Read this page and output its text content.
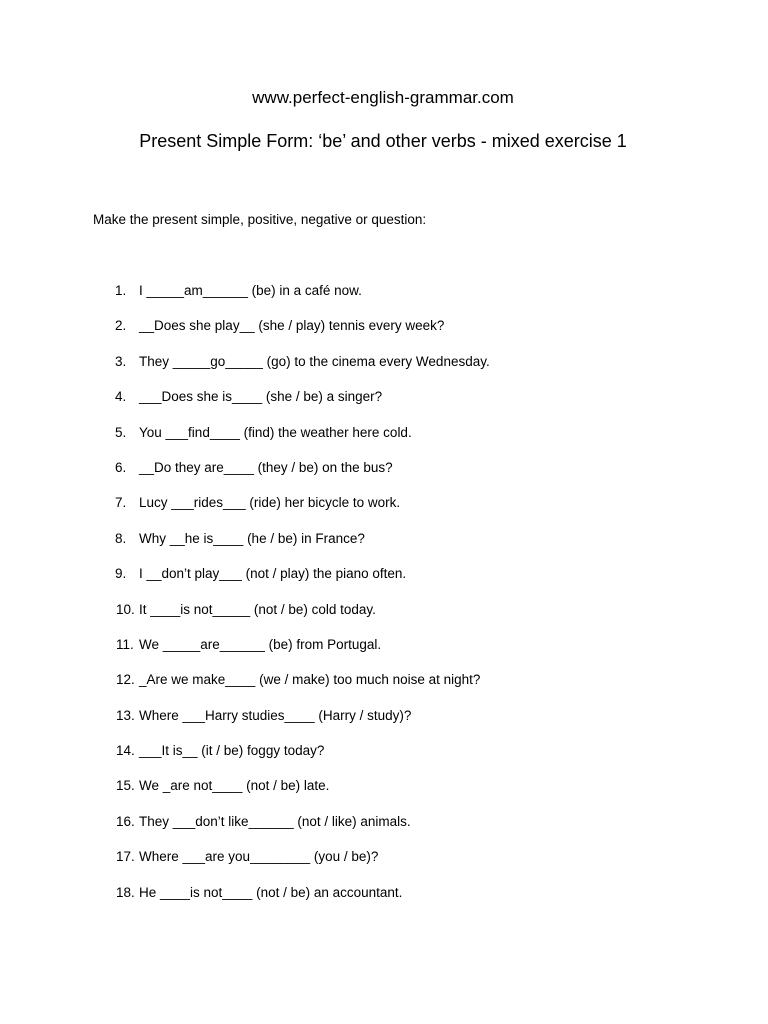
www.perfect-english-grammar.com
Present Simple Form: ‘be’ and other verbs - mixed exercise 1
Make the present simple, positive, negative or question:
1. I _____am______ (be) in a café now.
2. __Does she play__ (she / play) tennis every week?
3. They _____go_____ (go) to the cinema every Wednesday.
4. ___Does she is____ (she / be) a singer?
5. You ___find____ (find) the weather here cold.
6. __Do they are____ (they / be) on the bus?
7. Lucy ___rides___ (ride) her bicycle to work.
8. Why __he is____ (he / be) in France?
9. I __don’t play___ (not / play) the piano often.
10. It ____is not_____ (not / be) cold today.
11. We _____are______ (be) from Portugal.
12. _Are we make____ (we / make) too much noise at night?
13. Where ___Harry studies____ (Harry / study)?
14. ___It is__ (it / be) foggy today?
15. We _are not____ (not / be) late.
16. They ___don’t like______ (not / like) animals.
17. Where ___are you________ (you / be)?
18. He ____is not____ (not / be) an accountant.
